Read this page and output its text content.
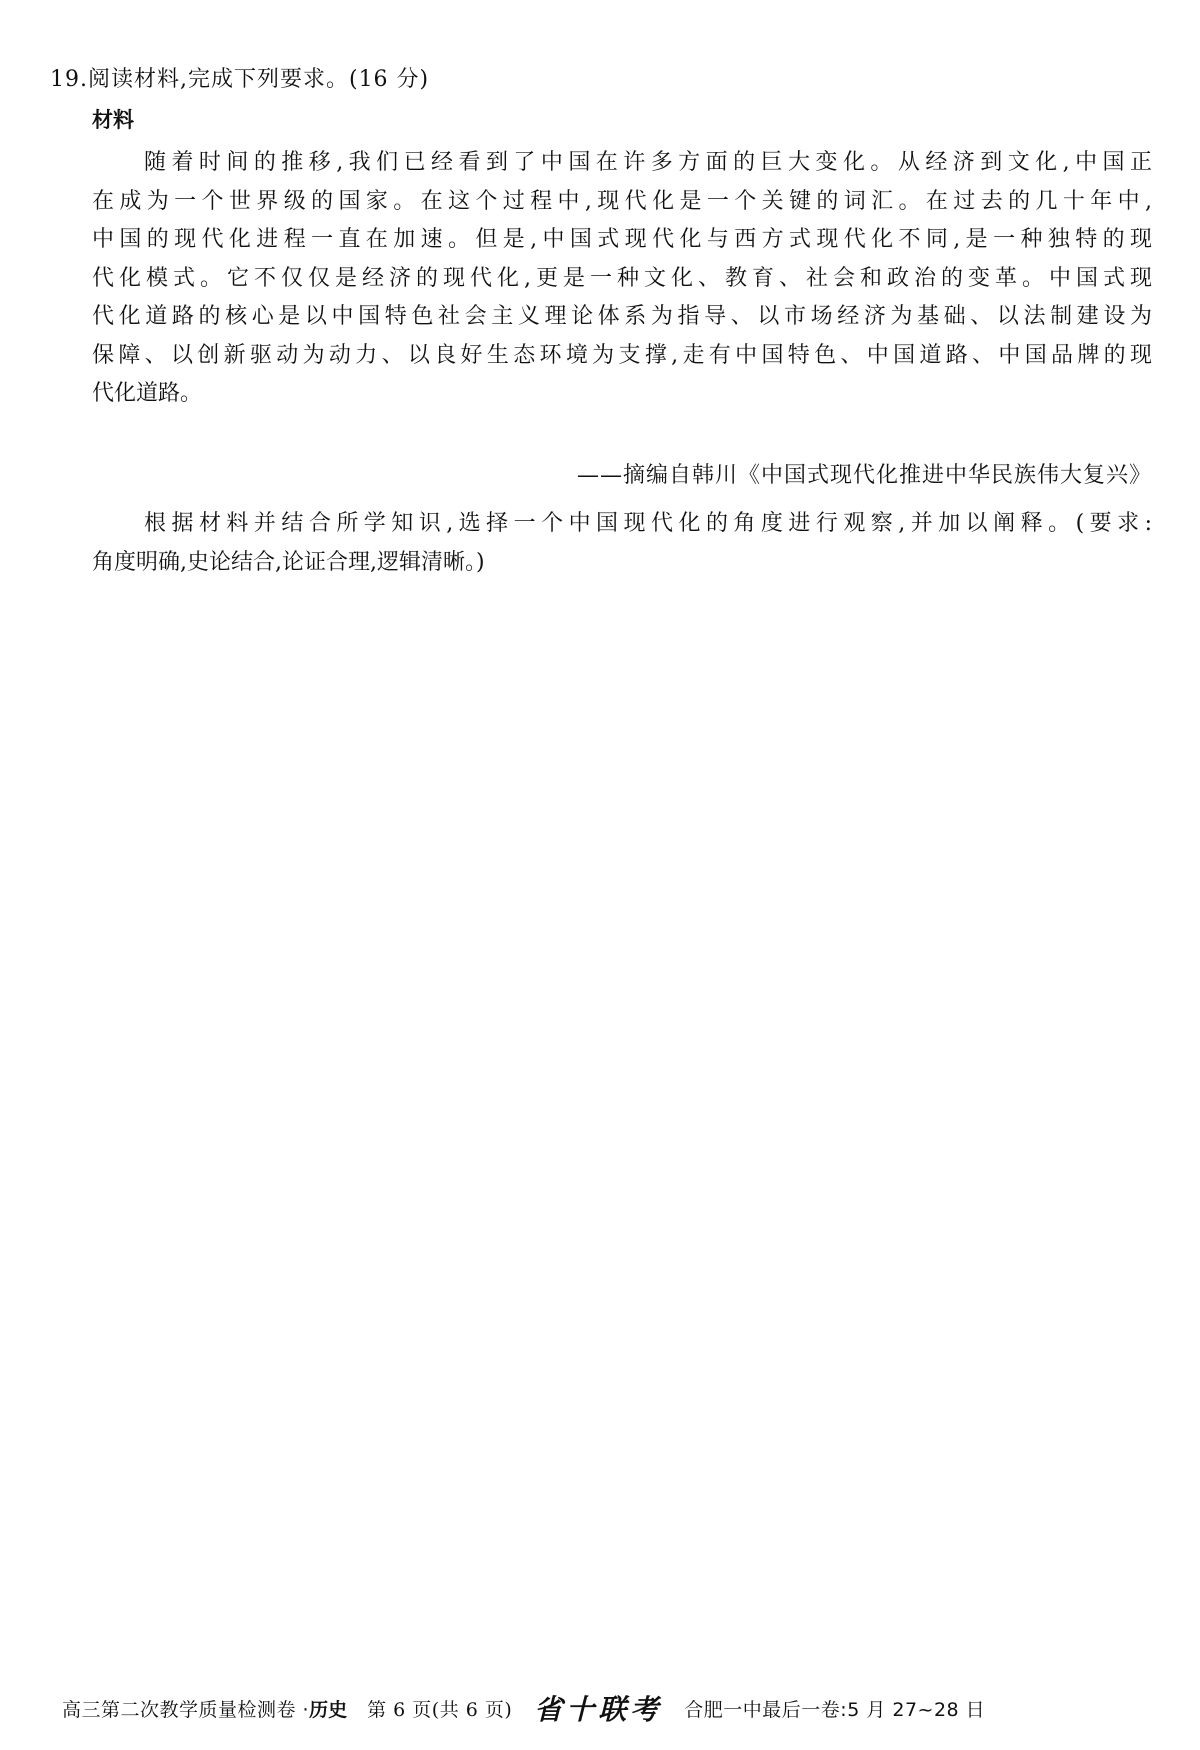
19.阅读材料,完成下列要求。(16 分)
材料
随着时间的推移,我们已经看到了中国在许多方面的巨大变化。从经济到文化,中国正
在成为一个世界级的国家。在这个过程中,现代化是一个关键的词汇。在过去的几十年中,
中国的现代化进程一直在加速。但是,中国式现代化与西方式现代化不同,是一种独特的现
代化模式。它不仅仅是经济的现代化,更是一种文化、教育、社会和政治的变革。中国式现
代化道路的核心是以中国特色社会主义理论体系为指导、以市场经济为基础、以法制建设为
保障、以创新驱动为动力、以良好生态环境为支撑,走有中国特色、中国道路、中国品牌的现
代化道路。
——摘编自韩川《中国式现代化推进中华民族伟大复兴》
根据材料并结合所学知识,选择一个中国现代化的角度进行观察,并加以阐释。(要求:
角度明确,史论结合,论证合理,逻辑清晰。)
高三第二次教学质量检测卷 · 历史 第 6 页(共 6 页) 省十联考 合肥一中最后一卷:5 月 27~28 日
